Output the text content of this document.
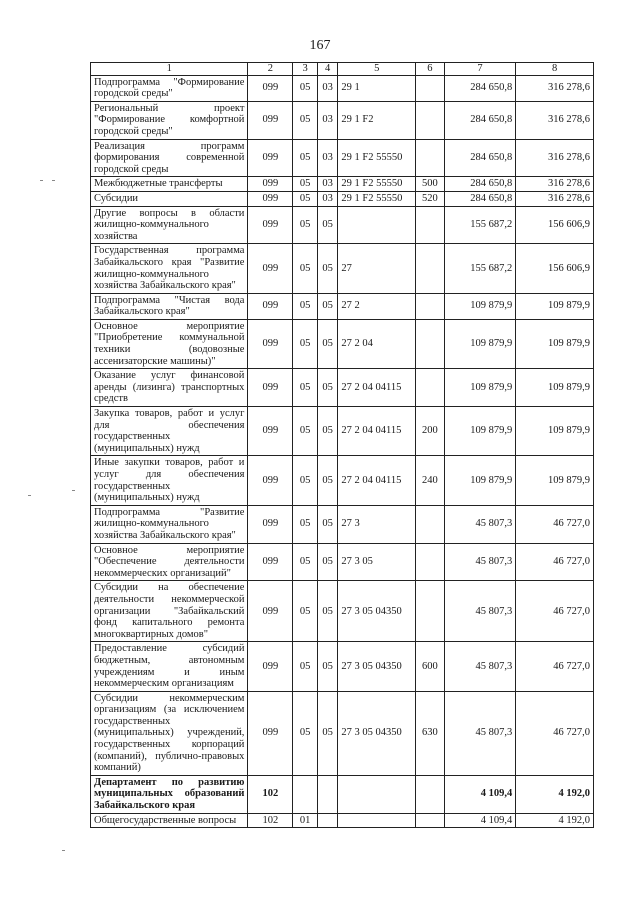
167
1	2	3	4	5	6	7	8
Подпрограмма "Формирование городской среды"	099	05	03	29 1		284 650,8	316 278,6
Региональный проект "Формирование комфортной городской среды"	099	05	03	29 1 F2		284 650,8	316 278,6
Реализация программ формирования современной городской среды	099	05	03	29 1 F2 55550		284 650,8	316 278,6
Межбюджетные трансферты	099	05	03	29 1 F2 55550	500	284 650,8	316 278,6
Субсидии	099	05	03	29 1 F2 55550	520	284 650,8	316 278,6
Другие вопросы в области жилищно-коммунального хозяйства	099	05	05			155 687,2	156 606,9
Государственная программа Забайкальского края "Развитие жилищно-коммунального хозяйства Забайкальского края"	099	05	05	27		155 687,2	156 606,9
Подпрограмма "Чистая вода Забайкальского края"	099	05	05	27 2		109 879,9	109 879,9
Основное мероприятие "Приобретение коммунальной техники (водовозные ассенизаторские машины)"	099	05	05	27 2 04		109 879,9	109 879,9
Оказание услуг финансовой аренды (лизинга) транспортных средств	099	05	05	27 2 04 04115		109 879,9	109 879,9
Закупка товаров, работ и услуг для обеспечения государственных (муниципальных) нужд	099	05	05	27 2 04 04115	200	109 879,9	109 879,9
Иные закупки товаров, работ и услуг для обеспечения государственных (муниципальных) нужд	099	05	05	27 2 04 04115	240	109 879,9	109 879,9
Подпрограмма "Развитие жилищно-коммунального хозяйства Забайкальского края"	099	05	05	27 3		45 807,3	46 727,0
Основное мероприятие "Обеспечение деятельности некоммерческих организаций"	099	05	05	27 3 05		45 807,3	46 727,0
Субсидии на обеспечение деятельности некоммерческой организации "Забайкальский фонд капитального ремонта многоквартирных домов"	099	05	05	27 3 05 04350		45 807,3	46 727,0
Предоставление субсидий бюджетным, автономным учреждениям и иным некоммерческим организациям	099	05	05	27 3 05 04350	600	45 807,3	46 727,0
Субсидии некоммерческим организациям (за исключением государственных (муниципальных) учреждений, государственных корпораций (компаний), публично-правовых компаний)	099	05	05	27 3 05 04350	630	45 807,3	46 727,0
Департамент по развитию муниципальных образований Забайкальского края	102					4 109,4	4 192,0
Общегосударственные вопросы	102	01				4 109,4	4 192,0
